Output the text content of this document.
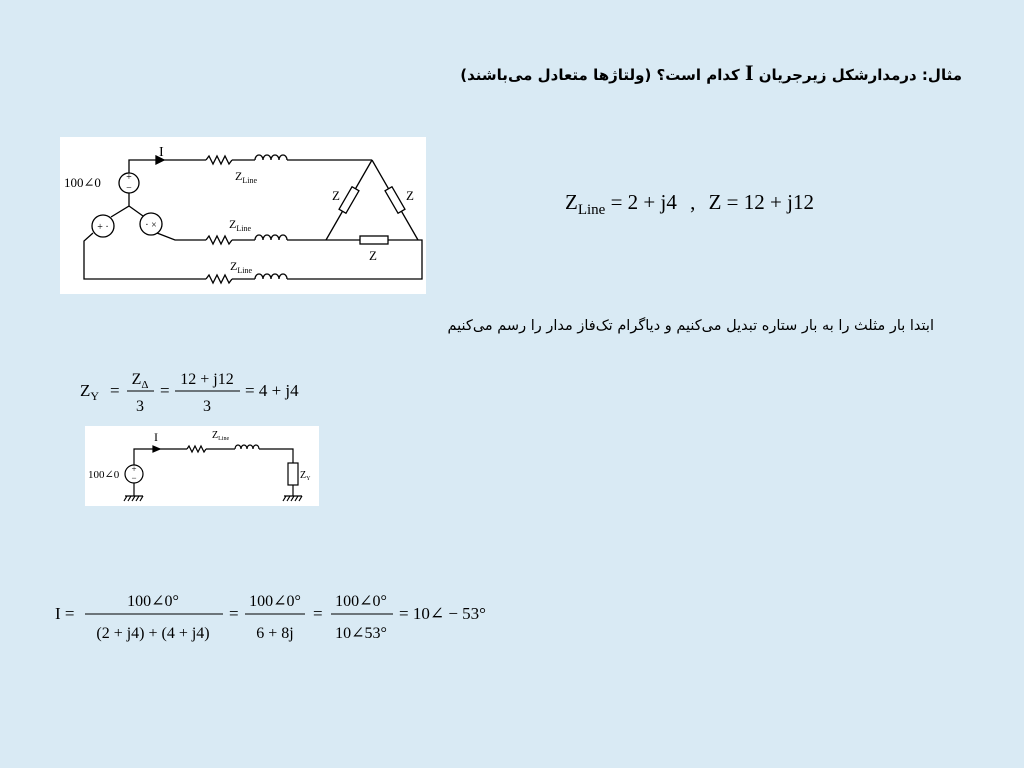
مثال: درمدارشکل زیرجریان I کدام است؟ (ولتاژها متعادل می‌باشند)
+
−
+ ·	· ×
100∠0
I
$Z_{Line}$
$Z_{Line}$
$Z_{Line}$
Z	Z
Z
$Z_{Line} = 2 + j4$ , Z = 12 + j12
ابتدا بار مثلث را به بار ستاره تبدیل می‌کنیم و دیاگرام تک‌فاز مدار را رسم می‌کنیم
$Z_Y$ =
$Z_\Delta$
3
=
12 + j12
3
= 4 + j4
+
−
100∠0
I	$Z_{Line}$
$Z_Y$
I =
100∠0°
(2 + j4) + (4 + j4)
=
100∠0°
6 + 8j
=
100∠0°
10∠53°
= 10∠ − 53°
